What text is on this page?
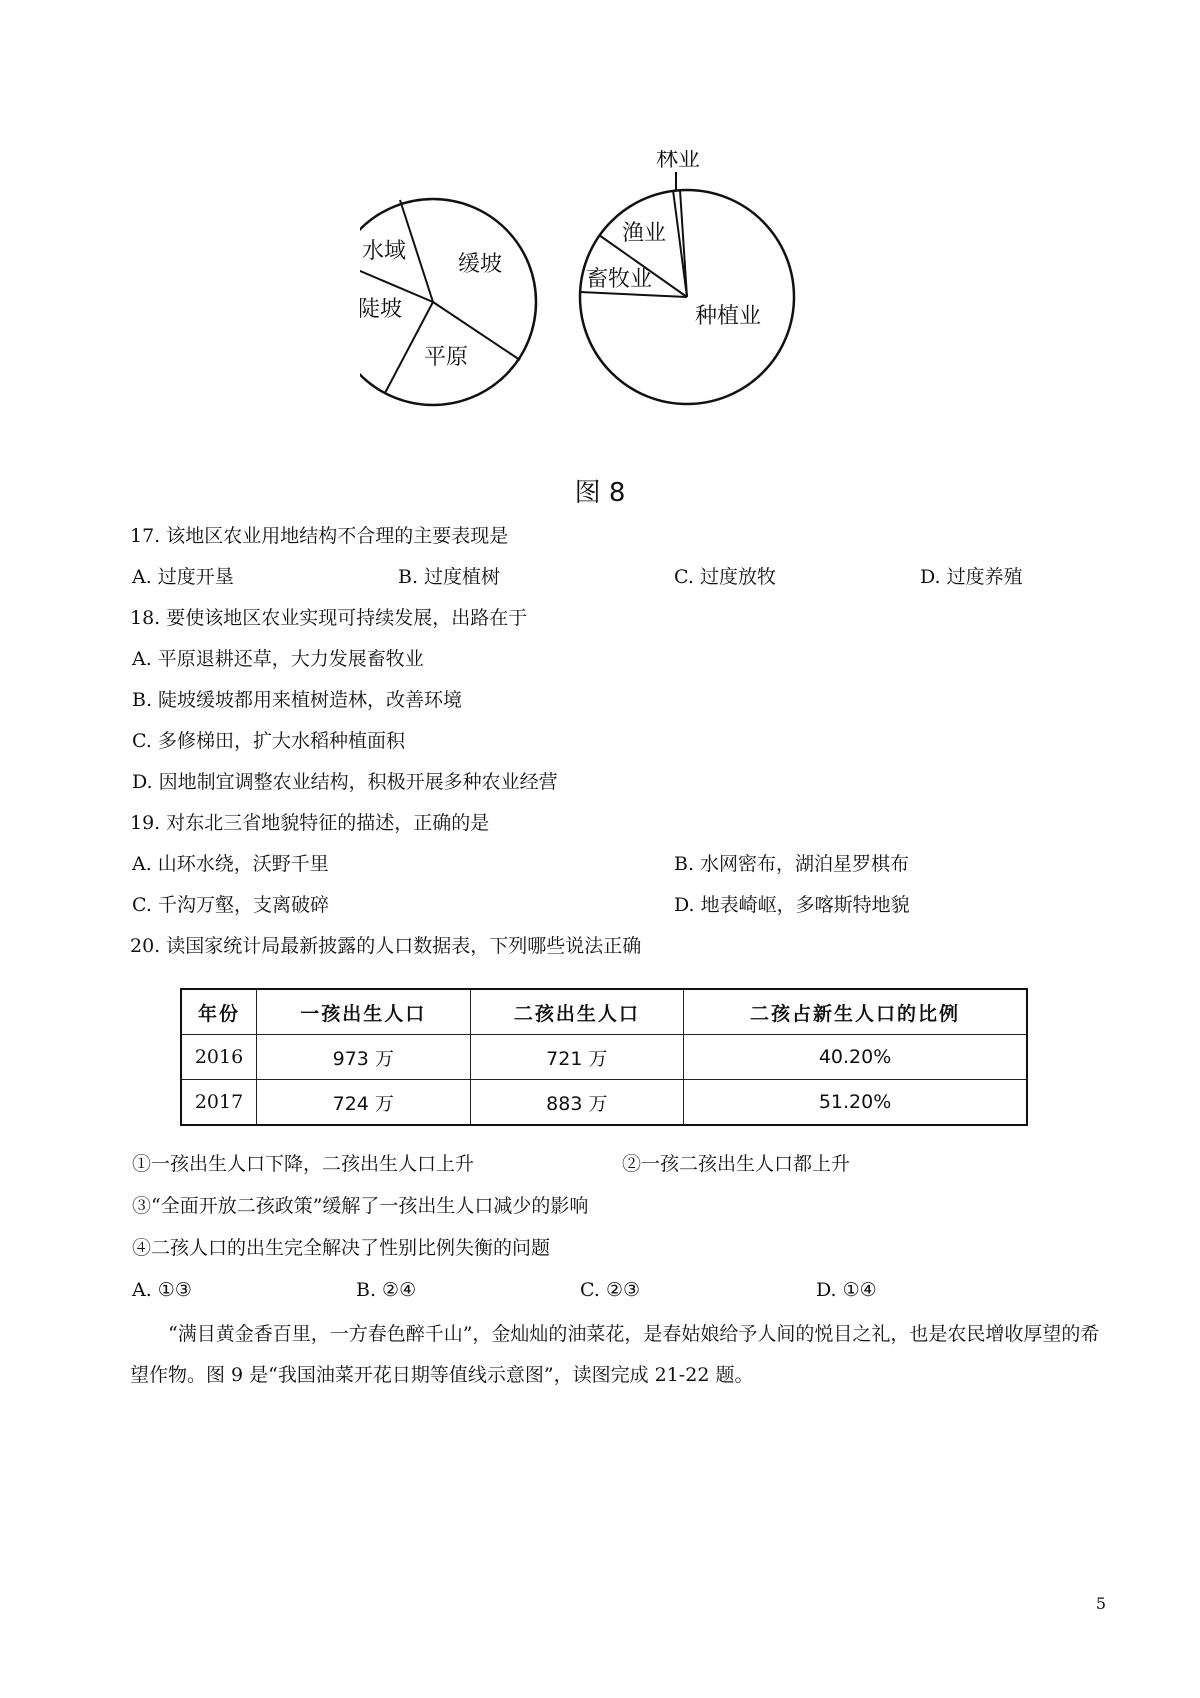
缓坡
水域
陡坡
平原
林业
渔业
畜牧业
种植业
图 8
17. 该地区农业用地结构不合理的主要表现是
A. 过度开垦	B. 过度植树	C. 过度放牧	D. 过度养殖
18. 要使该地区农业实现可持续发展，出路在于
A. 平原退耕还草，大力发展畜牧业
B. 陡坡缓坡都用来植树造林，改善环境
C. 多修梯田，扩大水稻种植面积
D. 因地制宜调整农业结构，积极开展多种农业经营
19. 对东北三省地貌特征的描述，正确的是
A. 山环水绕，沃野千里	B. 水网密布，湖泊星罗棋布
C. 千沟万壑，支离破碎	D. 地表崎岖，多喀斯特地貌
20. 读国家统计局最新披露的人口数据表，下列哪些说法正确
年份	一孩出生人口	二孩出生人口	二孩占新生人口的比例
2016	973 万	721 万	40.20%
2017	724 万	883 万	51.20%
①一孩出生人口下降，二孩出生人口上升	②一孩二孩出生人口都上升
③“全面开放二孩政策”缓解了一孩出生人口减少的影响
④二孩人口的出生完全解决了性别比例失衡的问题
A. ①③	B. ②④	C. ②③	D. ①④
“满目黄金香百里，一方春色醉千山”，金灿灿的油菜花，是春姑娘给予人间的悦目之礼，也是农民增收厚望的希望作物。图 9 是“我国油菜开花日期等值线示意图”，读图完成 21-22 题。
5
